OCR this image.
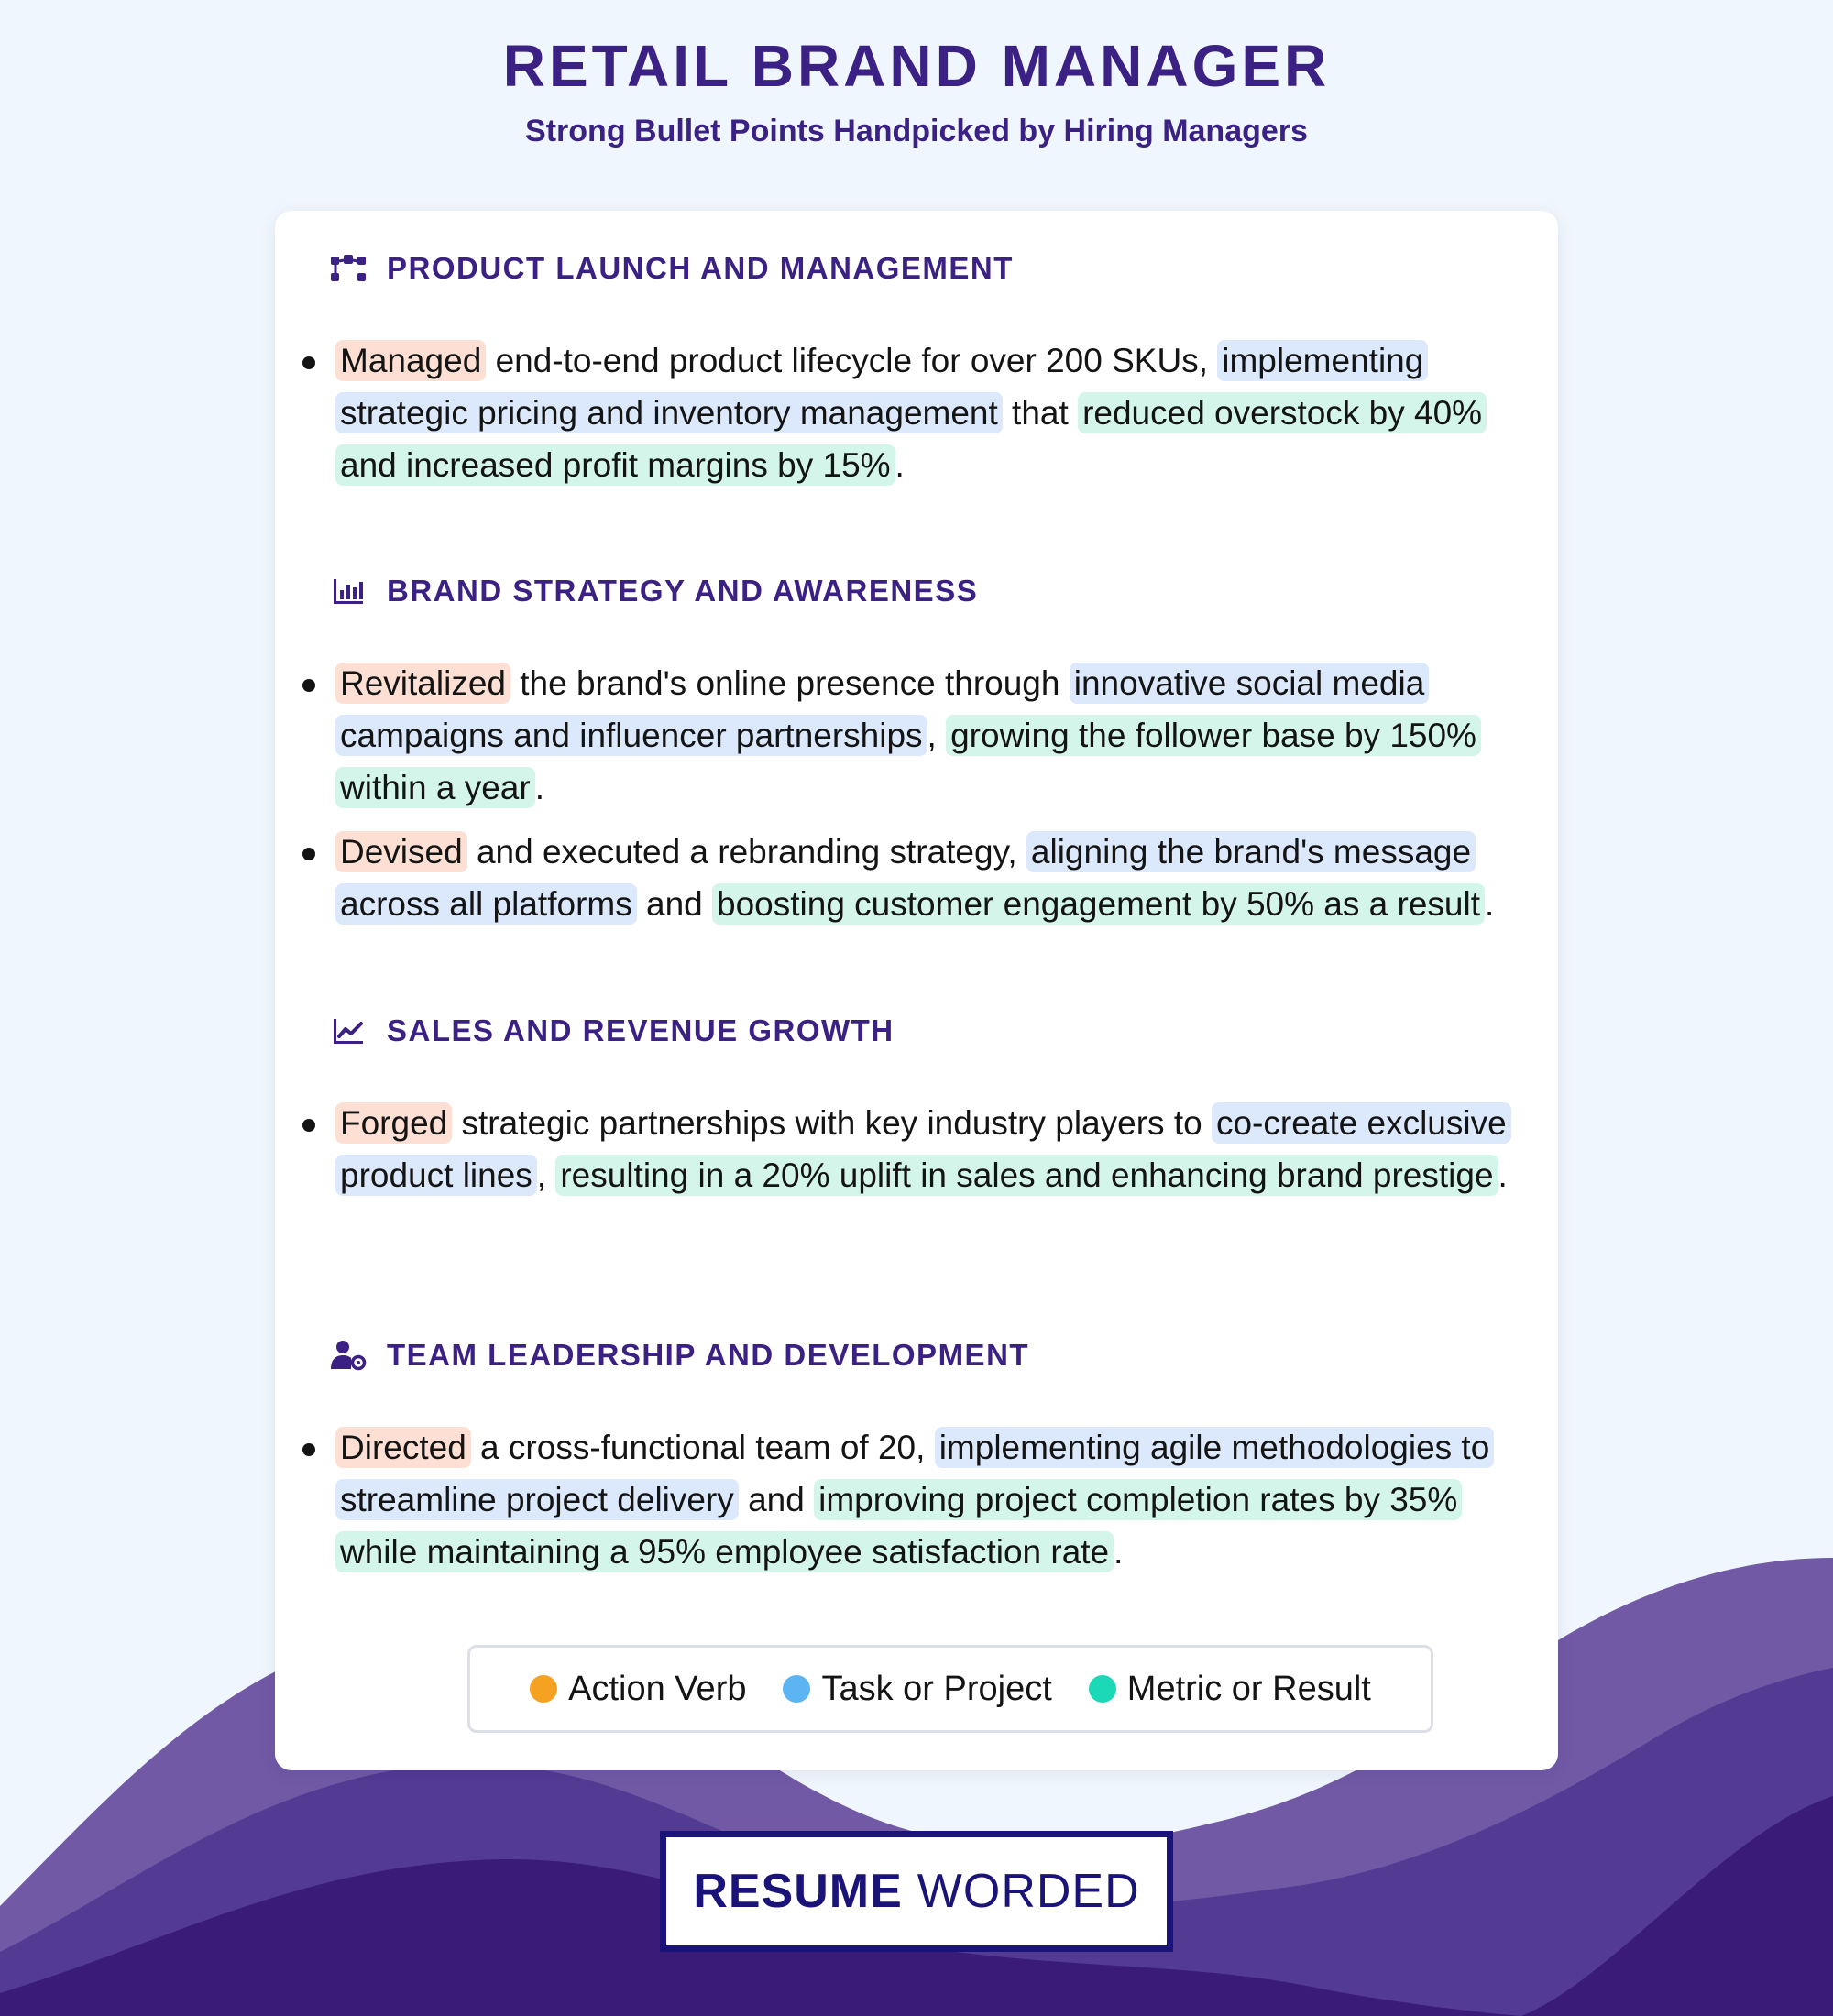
RETAIL BRAND MANAGER
Strong Bullet Points Handpicked by Hiring Managers
PRODUCT LAUNCH AND MANAGEMENT
Managed end-to-end product lifecycle for over 200 SKUs, implementing strategic pricing and inventory management that reduced overstock by 40% and increased profit margins by 15% .
BRAND STRATEGY AND AWARENESS
Revitalized the brand's online presence through innovative social media campaigns and influencer partnerships , growing the follower base by 150% within a year .
Devised and executed a rebranding strategy, aligning the brand's message across all platforms and boosting customer engagement by 50% as a result .
SALES AND REVENUE GROWTH
Forged strategic partnerships with key industry players to co-create exclusive product lines , resulting in a 20% uplift in sales and enhancing brand prestige .
TEAM LEADERSHIP AND DEVELOPMENT
Directed a cross-functional team of 20, implementing agile methodologies to streamline project delivery and improving project completion rates by 35% while maintaining a 95% employee satisfaction rate .
Action Verb Task or Project Metric or Result
RESUME WORDED
